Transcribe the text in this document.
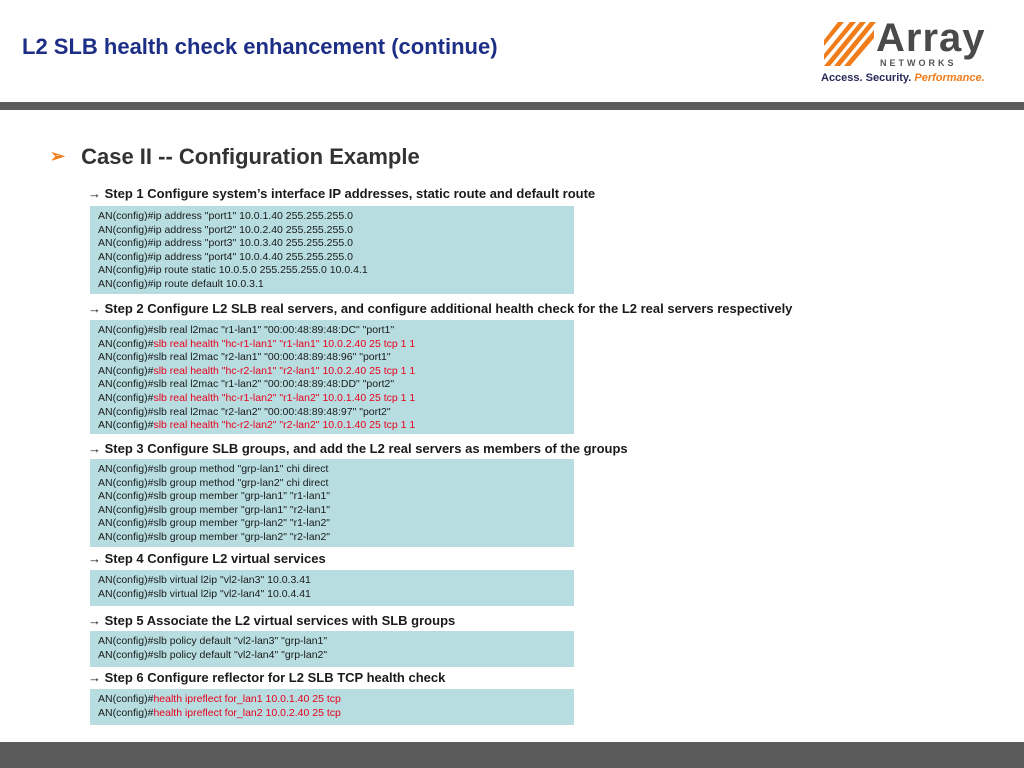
L2 SLB health check enhancement (continue)	Array
NETWORKS
Access. Security. Performance.
➢ Case II -- Configuration Example
→ Step 1 Configure system’s interface IP addresses, static route and default route
AN(config)#ip address "port1" 10.0.1.40 255.255.255.0
AN(config)#ip address "port2" 10.0.2.40 255.255.255.0
AN(config)#ip address "port3" 10.0.3.40 255.255.255.0
AN(config)#ip address "port4" 10.0.4.40 255.255.255.0
AN(config)#ip route static 10.0.5.0 255.255.255.0 10.0.4.1
AN(config)#ip route default 10.0.3.1
→ Step 2 Configure L2 SLB real servers, and configure additional health check for the L2 real servers respectively
AN(config)#slb real l2mac "r1-lan1" "00:00:48:89:48:DC" "port1"
AN(config)#slb real health "hc-r1-lan1" "r1-lan1" 10.0.2.40 25 tcp 1 1
AN(config)#slb real l2mac "r2-lan1" "00:00:48:89:48:96" "port1"
AN(config)#slb real health "hc-r2-lan1" "r2-lan1" 10.0.2.40 25 tcp 1 1
AN(config)#slb real l2mac "r1-lan2" "00:00:48:89:48:DD" "port2"
AN(config)#slb real health "hc-r1-lan2" "r1-lan2" 10.0.1.40 25 tcp 1 1
AN(config)#slb real l2mac "r2-lan2" "00:00:48:89:48:97" "port2"
AN(config)#slb real health "hc-r2-lan2" "r2-lan2" 10.0.1.40 25 tcp 1 1
→ Step 3 Configure SLB groups, and add the L2 real servers as members of the groups
AN(config)#slb group method "grp-lan1" chi direct
AN(config)#slb group method "grp-lan2" chi direct
AN(config)#slb group member "grp-lan1" "r1-lan1"
AN(config)#slb group member "grp-lan1" "r2-lan1"
AN(config)#slb group member "grp-lan2" "r1-lan2"
AN(config)#slb group member "grp-lan2" "r2-lan2"
→ Step 4 Configure L2 virtual services
AN(config)#slb virtual l2ip "vl2-lan3" 10.0.3.41
AN(config)#slb virtual l2ip "vl2-lan4" 10.0.4.41
→ Step 5 Associate the L2 virtual services with SLB groups
AN(config)#slb policy default "vl2-lan3" "grp-lan1"
AN(config)#slb policy default "vl2-lan4" "grp-lan2"
→ Step 6 Configure reflector for L2 SLB TCP health check
AN(config)#health ipreflect for_lan1 10.0.1.40 25 tcp
AN(config)#health ipreflect for_lan2 10.0.2.40 25 tcp
